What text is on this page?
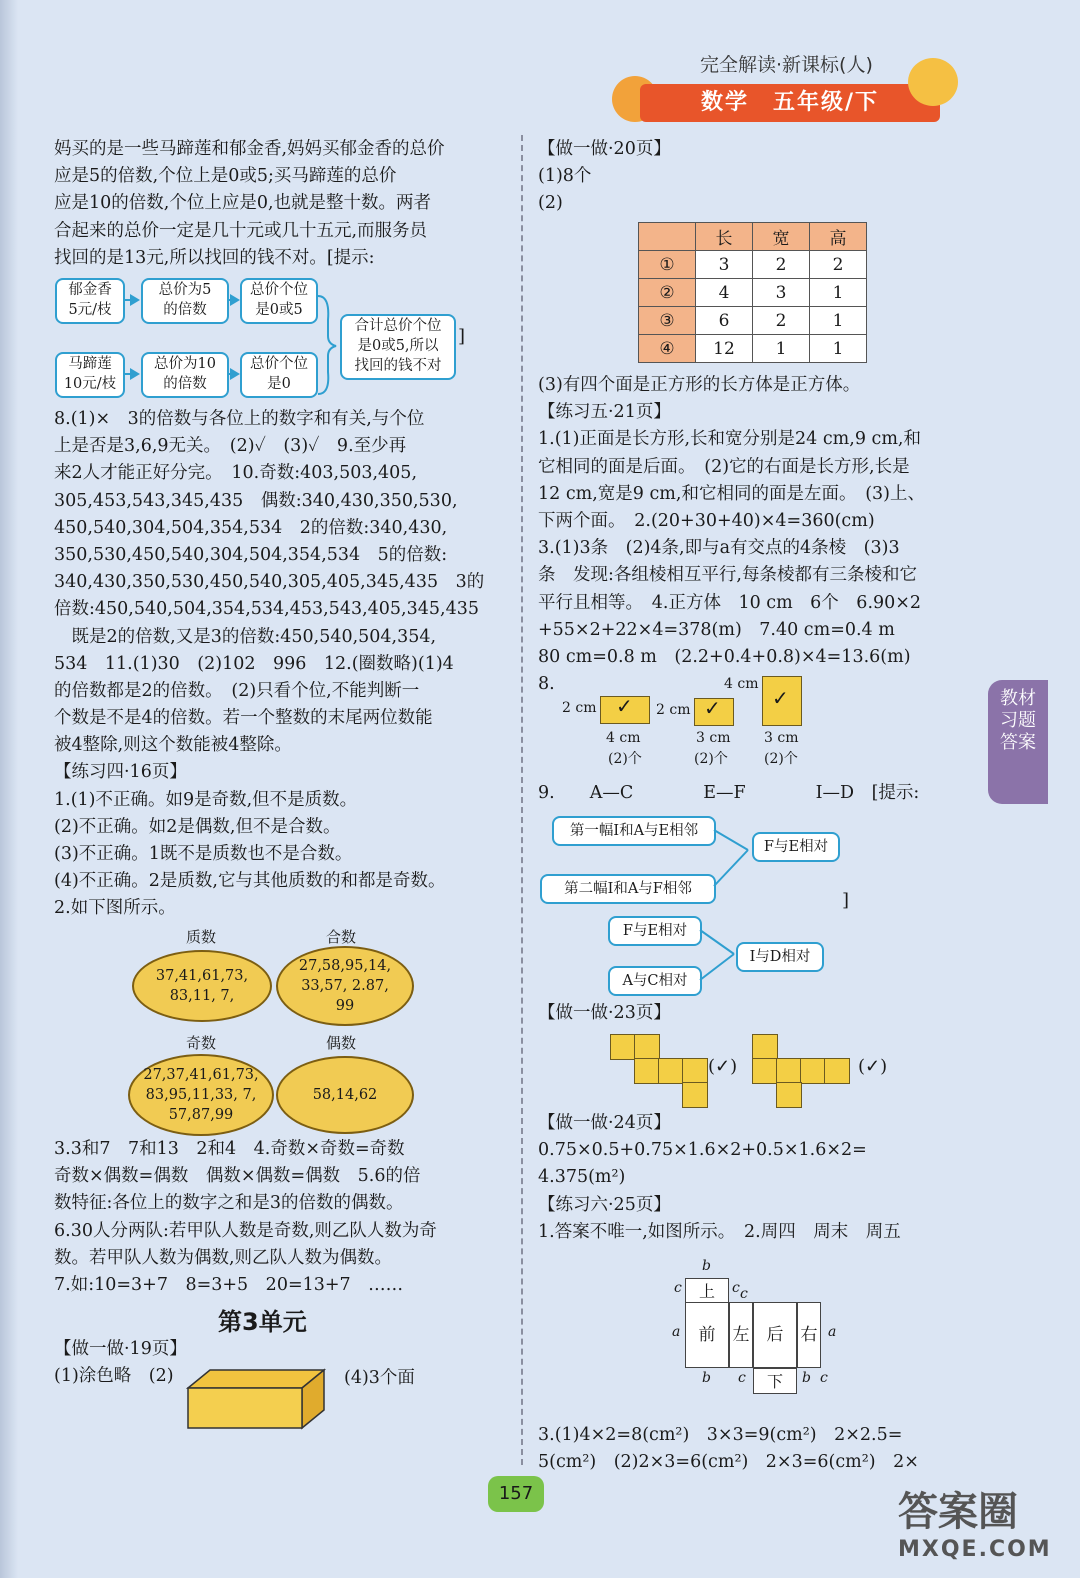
完全解读·新课标(人)
数学　五年级/下
妈买的是一些马蹄莲和郁金香,妈妈买郁金香的总价
应是5的倍数,个位上是0或5;买马蹄莲的总价
应是10的倍数,个位上应是0,也就是整十数。两者
合起来的总价一定是几十元或几十五元,而服务员
找回的是13元,所以找回的钱不对。[提示:
郁金香
5元/枝
总价为5
的倍数
总价个位
是0或5
马蹄莲
10元/枝
总价为10
的倍数
总价个位
是0
合计总价个位
是0或5,所以
找回的钱不对
]
8.(1)×　3的倍数与各位上的数字和有关,与个位
上是否是3,6,9无关。　(2)✓　(3)✓　9.至少再
来2人才能正好分完。　10.奇数:403,503,405,
305,453,543,345,435　偶数:340,430,350,530,
450,540,304,504,354,534　2的倍数:340,430,
350,530,450,540,304,504,354,534　5的倍数:
340,430,350,530,450,540,305,405,345,435　3的
倍数:450,540,504,354,534,453,543,405,345,435
　既是2的倍数,又是3的倍数:450,540,504,354,
534　11.(1)30　(2)102　996　12.(圈数略)(1)4
的倍数都是2的倍数。　(2)只看个位,不能判断一
个数是不是4的倍数。若一个整数的末尾两位数能
被4整除,则这个数能被4整除。
【练习四·16页】
1.(1)不正确。如9是奇数,但不是质数。
(2)不正确。如2是偶数,但不是合数。
(3)不正确。1既不是质数也不是合数。
(4)不正确。2是质数,它与其他质数的和都是奇数。
2.如下图所示。
质数
37,41,61,73,
83,11, 7,
合数
27,58,95,14,
33,57, 2.87,
99
奇数
27,37,41,61,73,
83,95,11,33, 7,
57,87,99
偶数
58,14,62
3.3和7　7和13　2和4　4.奇数×奇数=奇数
奇数×偶数=偶数　偶数×偶数=偶数　5.6的倍
数特征:各位上的数字之和是3的倍数的偶数。
6.30人分两队:若甲队人数是奇数,则乙队人数为奇
数。若甲队人数为偶数,则乙队人数为偶数。
7.如:10=3+7　8=3+5　20=13+7　……
第3单元
【做一做·19页】
(1)涂色略　(2)	(4)3个面
【做一做·20页】
(1)8个
(2)
	长	宽	高
①	3	2	2
②	4	3	1
③	6	2	1
④	12	1	1
(3)有四个面是正方形的长方体是正方体。
【练习五·21页】
1.(1)正面是长方形,长和宽分别是24 cm,9 cm,和
它相同的面是后面。　(2)它的右面是长方形,长是
12 cm,宽是9 cm,和它相同的面是左面。　(3)上、
下两个面。　2.(20+30+40)×4=360(cm)
3.(1)3条　(2)4条,即与a有交点的4条棱　(3)3
条　发现:各组棱相互平行,每条棱都有三条棱和它
平行且相等。　4.正方体　10 cm　6个　6.90×2
+55×2+22×4=378(m)　7.40 cm=0.4 m
80 cm=0.8 m　(2.2+0.4+0.8)×4=13.6(m)
8.
2 cm ✓
4 cm
(2)个
2 cm ✓
3 cm
(2)个
4 cm
✓
3 cm
(2)个
9.　　A—C　　　　E—F　　　　I—D　[提示:
第一幅I和A与E相邻
第二幅I和A与F相邻
F与E相对
]
F与E相对
A与C相对
I与D相对
【做一做·23页】
(✓)	(✓)
【做一做·24页】
0.75×0.5+0.75×1.6×2+0.5×1.6×2=
4.375(m²)
【练习六·25页】
1.答案不唯一,如图所示。　2.周四　周末　周五
上
前	左	后	右
下
b
c	c c
a	a
b c	b c
3.(1)4×2=8(cm²)　3×3=9(cm²)　2×2.5=
5(cm²)　(2)2×3=6(cm²)　2×3=6(cm²)　2×
教材习题答案
157	答案圈
MXQE.COM
